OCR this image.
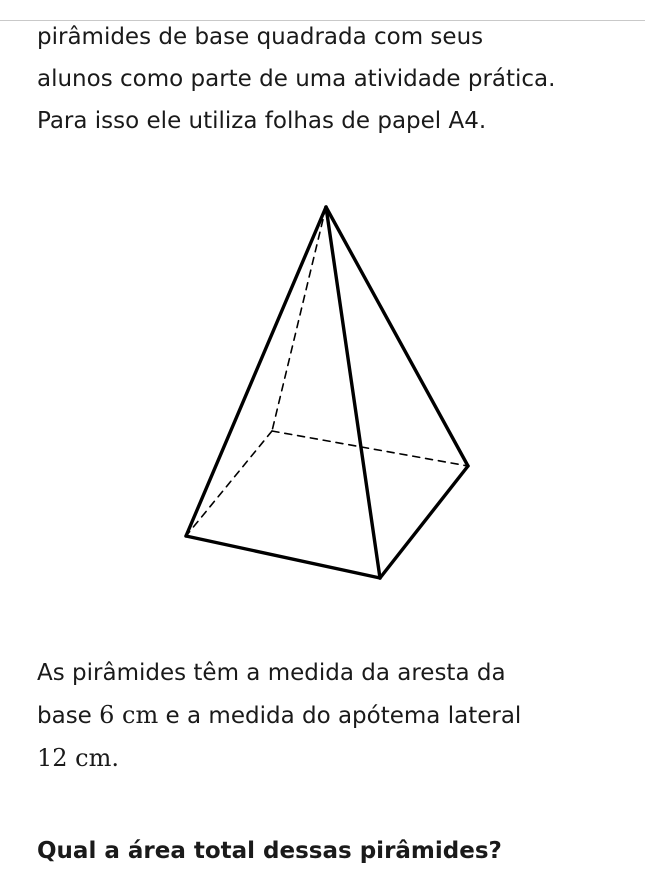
pirâmides de base quadrada com seus
alunos como parte de uma atividade prática.
Para isso ele utiliza folhas de papel A4.

As pirâmides têm a medida da aresta da
base 6 cm e a medida do apótema lateral
12 cm.

Qual a área total dessas pirâmides?
